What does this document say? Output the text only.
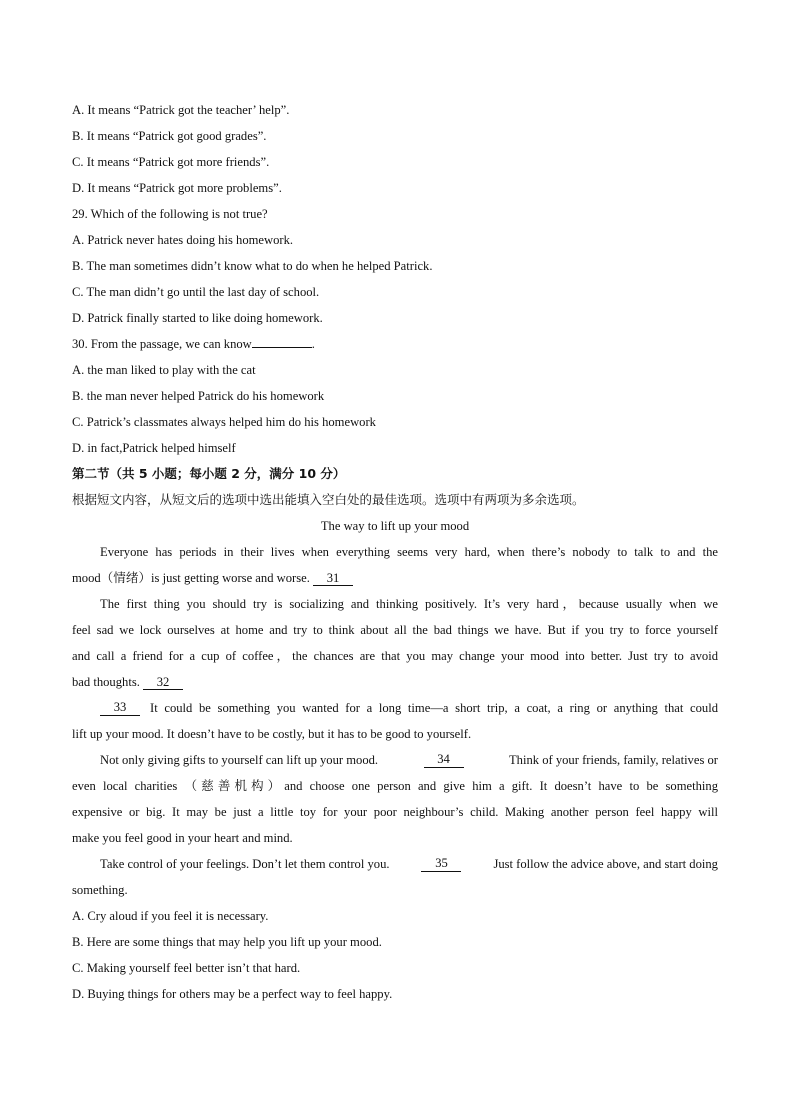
A. It means “Patrick got the teacher’ help”.
B. It means “Patrick got good grades”.
C. It means “Patrick got more friends”.
D. It means “Patrick got more problems”.
29. Which of the following is not true?
A. Patrick never hates doing his homework.
B. The man sometimes didn’t know what to do when he helped Patrick.
C. The man didn’t go until the last day of school.
D. Patrick finally started to like doing homework.
30. From the passage, we can know	.
A. the man liked to play with the cat
B. the man never helped Patrick do his homework
C. Patrick’s classmates always helped him do his homework
D. in fact,Patrick helped himself
第二节（共 5 小题；每小题 2 分，满分 10 分）
根据短文内容，从短文后的选项中选出能填入空白处的最佳选项。选项中有两项为多余选项。
The way to lift up your mood
Everyone has periods in their lives when everything seems very hard, when there’s nobody to talk to and the
mood（情绪）is just getting worse and worse. 31
The first thing you should try is socializing and thinking positively. It’s very hard，because usually when we
feel sad we lock ourselves at home and try to think about all the bad things we have. But if you try to force yourself
and call a friend for a cup of coffee，the chances are that you may change your mood into better. Just try to avoid
bad thoughts. 32
33	It could be something you wanted for a long time—a short trip, a coat, a ring or anything that could
lift up your mood. It doesn’t have to be costly, but it has to be good to yourself.
Not only giving gifts to yourself can lift up your mood.	34	Think of your friends, family, relatives or
even local charities （慈善机构）and choose one person and give him a gift. It doesn’t have to be something
expensive or big. It may be just a little toy for your poor neighbour’s child. Making another person feel happy will
make you feel good in your heart and mind.
Take control of your feelings. Don’t let them control you.	35	Just follow the advice above, and start doing
something.
A. Cry aloud if you feel it is necessary.
B. Here are some things that may help you lift up your mood.
C. Making yourself feel better isn’t that hard.
D. Buying things for others may be a perfect way to feel happy.
